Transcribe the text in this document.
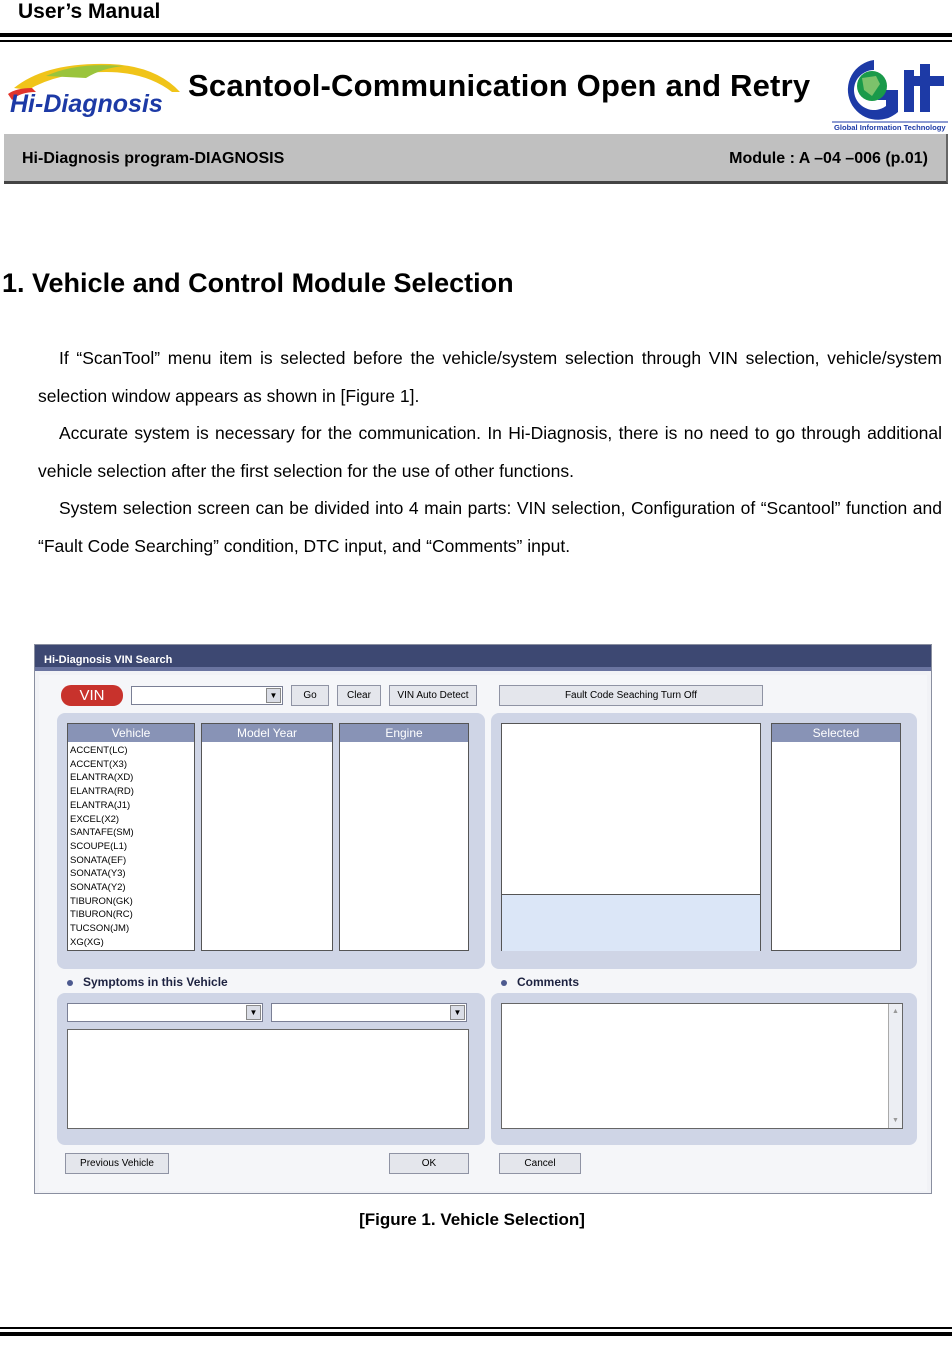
User’s Manual
Hi-Diagnosis
Scantool-Communication Open and Retry
Global Information Technology
Hi-Diagnosis program-DIAGNOSIS	Module : A –04 –006 (p.01)
1. Vehicle and Control Module Selection

If “ScanTool” menu item is selected before the vehicle/system selection through VIN selection, vehicle/system selection window appears as shown in [Figure 1].

Accurate system is necessary for the communication. In Hi-Diagnosis, there is no need to go through additional vehicle selection after the first selection for the use of other functions.

System selection screen can be divided into 4 main parts: VIN selection, Configuration of “Scantool” function and “Fault Code Searching” condition, DTC input, and “Comments” input.

Hi-Diagnosis VIN Search
VIN	▼	Go	Clear	VIN Auto Detect	Fault Code Seaching Turn Off
Vehicle
ACCENT(LC)
ACCENT(X3)
ELANTRA(XD)
ELANTRA(RD)
ELANTRA(J1)
EXCEL(X2)
SANTAFE(SM)
SCOUPE(L1)
SONATA(EF)
SONATA(Y3)
SONATA(Y2)
TIBURON(GK)
TIBURON(RC)
TUCSON(JM)
XG(XG)
Model Year	Engine	Selected
Symptoms in this Vehicle
▼	▼
Comments
▲
▼
Previous Vehicle	OK	Cancel
[Figure 1. Vehicle Selection]
